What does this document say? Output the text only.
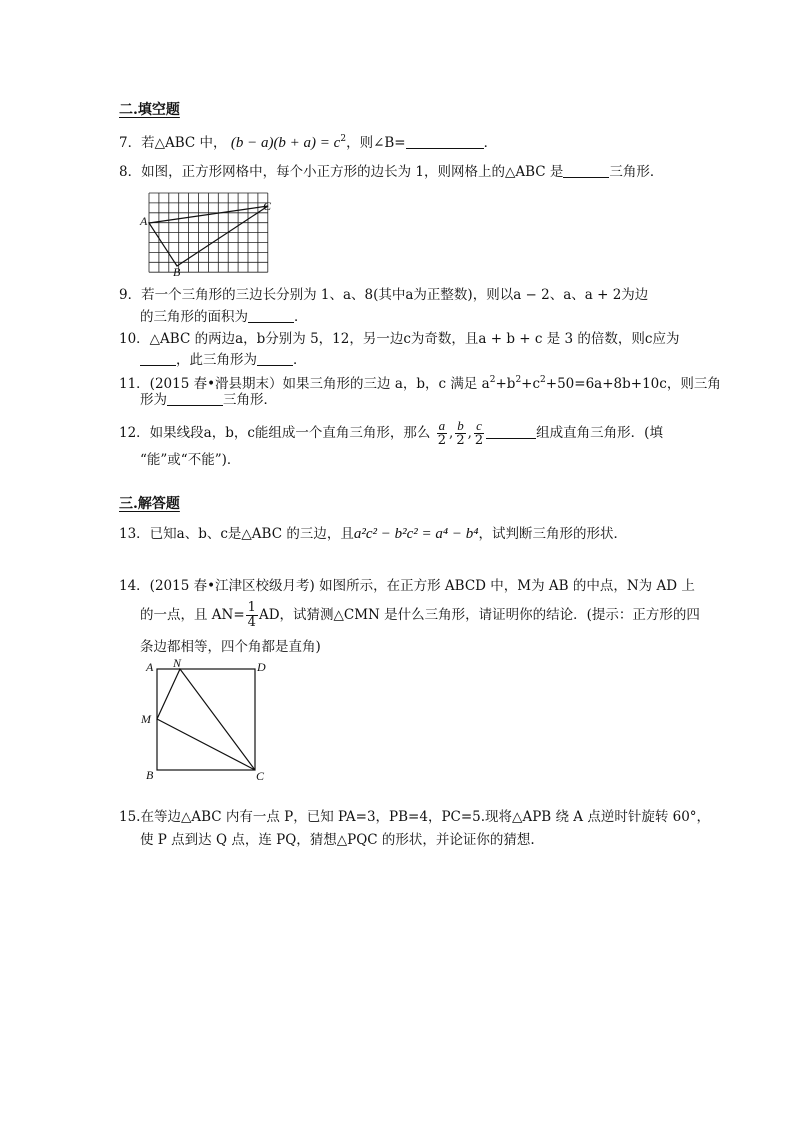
二.填空题
7．若△ABC 中， $(b - a)(b + a) = c^2$，则∠B=	．
8．如图，正方形网格中，每个小正方形的边长为 1，则网格上的△ABC 是	三角形．
A
C
B
9．若一个三角形的三边长分别为 1、a、8(其中a为正整数)，则以a − 2、a、a + 2为边
的三角形的面积为	．
10．△ABC 的两边a，b分别为 5，12，另一边c为奇数，且a + b + c 是 3 的倍数，则c应为
，此三角形为	．
11．(2015 春•滑县期末）如果三角形的三边 a，b，c 满足 $a^2+b^2+c^2+50=6a+8b+10c$，则三角
形为	三角形．
12．如果线段a，b，c能组成一个直角三角形，那么 $\frac{a}{2}$ , $\frac{b}{2}$ , $\frac{c}{2}$	组成直角三角形．(填
“能”或“不能”)．
三.解答题
13．已知a、b、c是△ABC 的三边，且a²c² − b²c² = a⁴ − b⁴，试判断三角形的形状．
14．(2015 春•江津区校级月考) 如图所示，在正方形 ABCD 中，M为 AB 的中点，N为 AD 上
的一点，且 $AN= \frac{1}{4}$ AD，试猜测△CMN 是什么三角形，请证明你的结论．(提示：正方形的四
条边都相等，四个角都是直角)
A N	D
M
B	C
15.在等边△ABC 内有一点 P，已知 PA=3，PB=4，PC=5.现将△APB 绕 A 点逆时针旋转 60°，
使 P 点到达 Q 点，连 PQ，猜想△PQC 的形状，并论证你的猜想.
